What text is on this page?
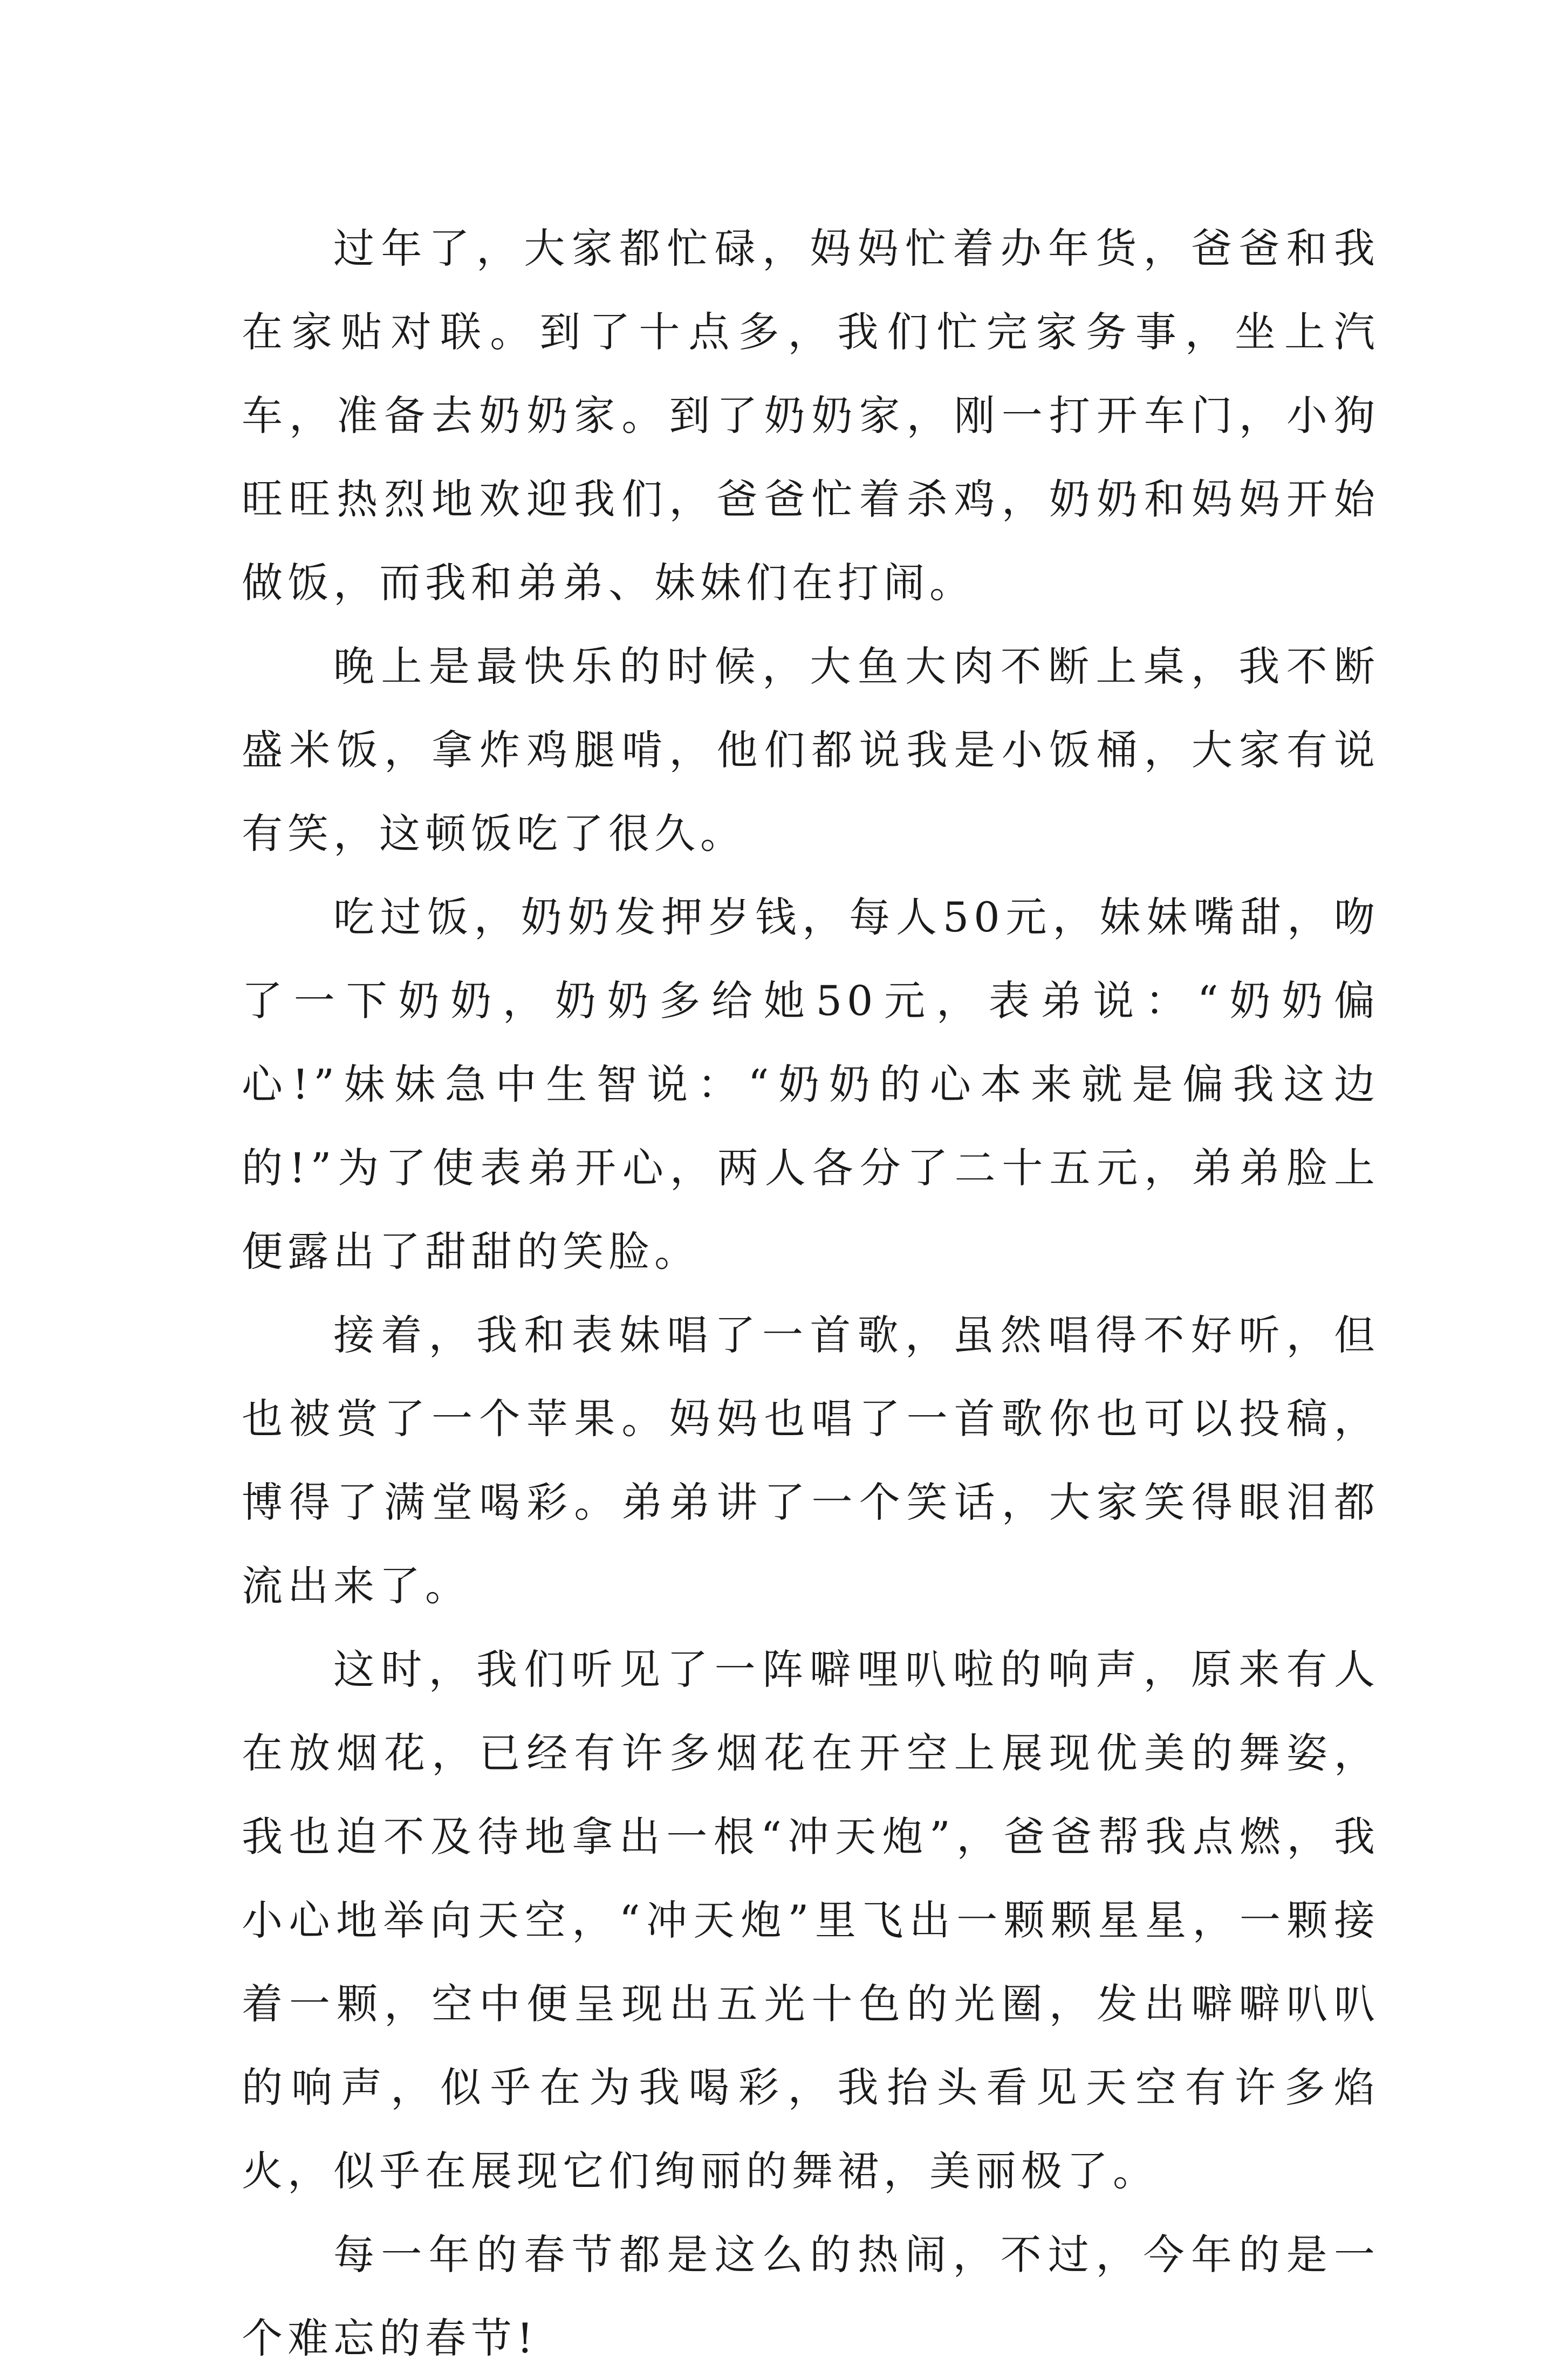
过年了，大家都忙碌，妈妈忙着办年货，爸爸和我在家贴对联。到了十点多，我们忙完家务事，坐上汽车，准备去奶奶家。到了奶奶家，刚一打开车门，小狗旺旺热烈地欢迎我们，爸爸忙着杀鸡，奶奶和妈妈开始做饭，而我和弟弟、妹妹们在打闹。

晚上是最快乐的时候，大鱼大肉不断上桌，我不断盛米饭，拿炸鸡腿啃，他们都说我是小饭桶，大家有说有笑，这顿饭吃了很久。

吃过饭，奶奶发押岁钱，每人50元，妹妹嘴甜，吻了一下奶奶，奶奶多给她50元，表弟说：“奶奶偏心!”妹妹急中生智说：“奶奶的心本来就是偏我这边的!”为了使表弟开心，两人各分了二十五元，弟弟脸上便露出了甜甜的笑脸。

接着，我和表妹唱了一首歌，虽然唱得不好听，但也被赏了一个苹果。妈妈也唱了一首歌你也可以投稿，博得了满堂喝彩。弟弟讲了一个笑话，大家笑得眼泪都流出来了。

这时，我们听见了一阵噼哩叭啦的响声，原来有人在放烟花，已经有许多烟花在开空上展现优美的舞姿，我也迫不及待地拿出一根“冲天炮”，爸爸帮我点燃，我小心地举向天空，“冲天炮”里飞出一颗颗星星，一颗接着一颗，空中便呈现出五光十色的光圈，发出噼噼叭叭的响声，似乎在为我喝彩，我抬头看见天空有许多焰火，似乎在展现它们绚丽的舞裙，美丽极了。

每一年的春节都是这么的热闹，不过，今年的是一个难忘的春节!
